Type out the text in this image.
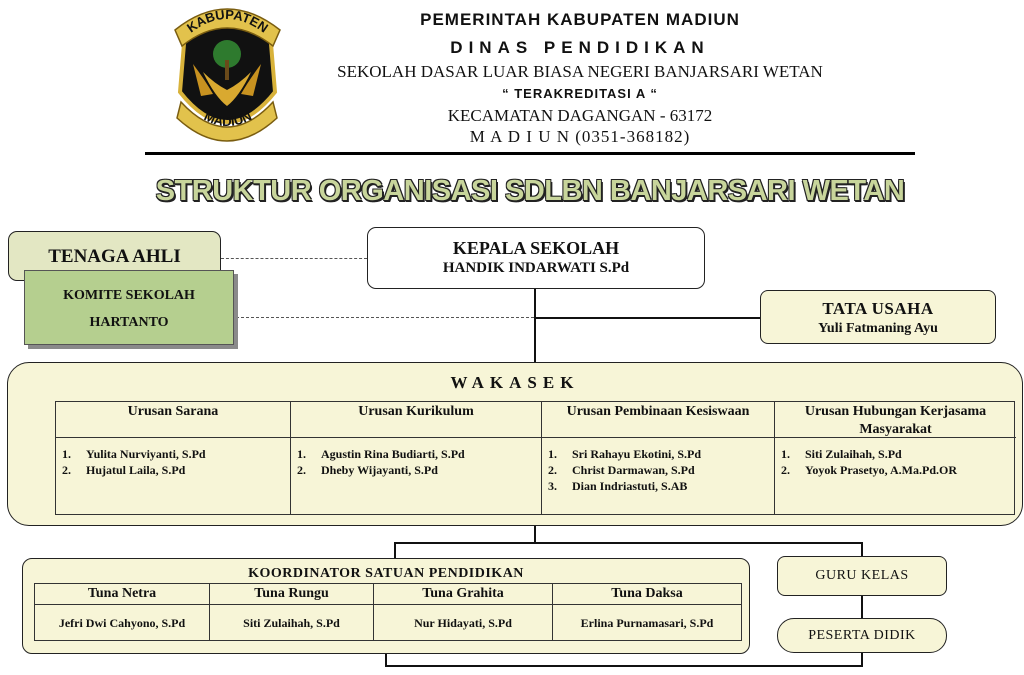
KABUPATEN
MADIUN
PEMERINTAH KABUPATEN MADIUN
DINAS PENDIDIKAN
SEKOLAH DASAR LUAR BIASA NEGERI BANJARSARI WETAN
“ TERAKREDITASI A “
KECAMATAN DAGANGAN - 63172
M A D I U N (0351-368182)
STRUKTUR ORGANISASI SDLBN BANJARSARI WETAN
KEPALA SEKOLAH
HANDIK INDARWATI S.Pd
TENAGA AHLI
KOMITE SEKOLAH
HARTANTO
TATA USAHA
Yuli Fatmaning Ayu
WAKASEK
Urusan Sarana
1. Yulita Nurviyanti, S.Pd
2. Hujatul Laila, S.Pd
Urusan Kurikulum
1. Agustin Rina Budiarti, S.Pd
2. Dheby Wijayanti, S.Pd
Urusan Pembinaan Kesiswaan
1. Sri Rahayu Ekotini, S.Pd
2. Christ Darmawan, S.Pd
3. Dian Indriastuti, S.AB
Urusan Hubungan Kerjasama Masyarakat
1. Siti Zulaihah, S.Pd
2. Yoyok Prasetyo, A.Ma.Pd.OR
KOORDINATOR SATUAN PENDIDIKAN
Tuna Netra
Jefri Dwi Cahyono, S.Pd
Tuna Rungu
Siti Zulaihah, S.Pd
Tuna Grahita
Nur Hidayati, S.Pd
Tuna Daksa
Erlina Purnamasari, S.Pd
GURU KELAS
PESERTA DIDIK
